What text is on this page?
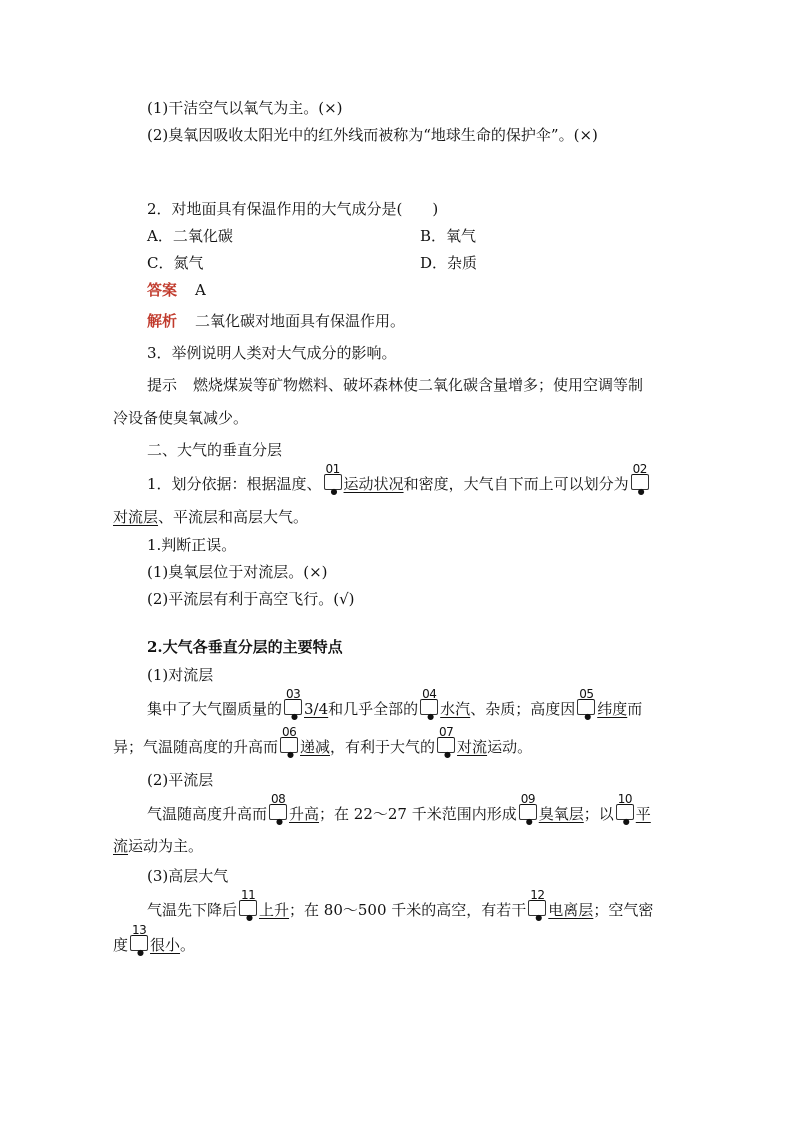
(1)干洁空气以氧气为主。(×)
(2)臭氧因吸收太阳光中的红外线而被称为“地球生命的保护伞”。(×)
2．对地面具有保温作用的大气成分是(　　)
A．二氧化碳	B．氧气
C．氮气	D．杂质
答案 A
解析 二氧化碳对地面具有保温作用。
3．举例说明人类对大气成分的影响。
提示 燃烧煤炭等矿物燃料、破坏森林使二氧化碳含量增多；使用空调等制
冷设备使臭氧减少。
二、大气的垂直分层
1．划分依据：根据温度、
01
● 运动状况和密度，大气自下而上可以划分为
02
●
对流层、平流层和高层大气。
1.判断正误。
(1)臭氧层位于对流层。(×)
(2)平流层有利于高空飞行。(√)
2.大气各垂直分层的主要特点
(1)对流层
集中了大气圈质量的
03
● 3/4和几乎全部的
04
● 水汽、杂质；高度因
05
● 纬度而
异；气温随高度的升高而
06
● 递减，有利于大气的
07
● 对流运动。
(2)平流层
气温随高度升高而
08
● 升高；在 22～27 千米范围内形成
09
● 臭氧层；以
10
● 平
流运动为主。
(3)高层大气
气温先下降后
11
● 上升；在 80～500 千米的高空，有若干
12
● 电离层；空气密
度
13
● 很小。
